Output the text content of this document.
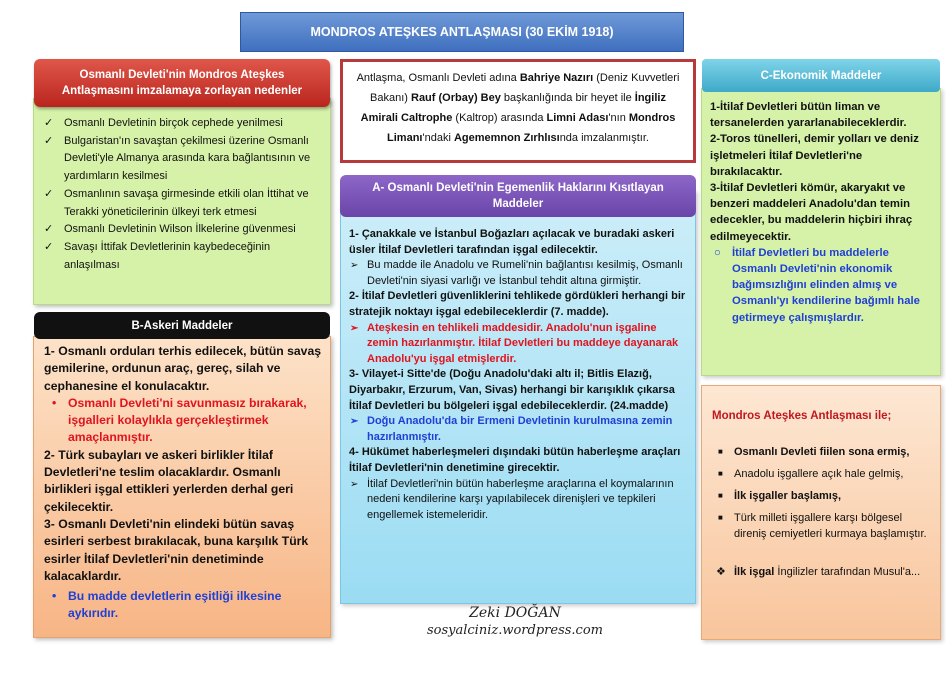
MONDROS ATEŞKES ANTLAŞMASI (30 EKİM 1918)
✓ Osmanlı Devletinin birçok cephede yenilmesi
✓ Bulgaristan'ın savaştan çekilmesi üzerine Osmanlı Devleti'yle Almanya arasında kara bağlantısının ve yardımların kesilmesi
✓ Osmanlının savaşa girmesinde etkili olan İttihat ve Terakki yöneticilerinin ülkeyi terk etmesi
✓ Osmanlı Devletinin Wilson İlkelerine güvenmesi
✓ Savaşı İttifak Devletlerinin kaybedeceğinin anlaşılması
Osmanlı Devleti'nin Mondros Ateşkes Antlaşmasını imzalamaya zorlayan nedenler

1- Osmanlı orduları terhis edilecek, bütün savaş gemilerine, ordunun araç, gereç, silah ve cephanesine el konulacaktır.

• Osmanlı Devleti'ni savunmasız bırakarak, işgalleri kolaylıkla gerçekleştirmek amaçlanmıştır.

2- Türk subayları ve askeri birlikler İtilaf Devletleri'ne teslim olacaklardır. Osmanlı birlikleri işgal ettikleri yerlerden derhal geri çekilecektir.

3- Osmanlı Devleti'nin elindeki bütün savaş esirleri serbest bırakılacak, buna karşılık Türk esirler İtilaf Devletleri'nin denetiminde kalacaklardır.

• Bu madde devletlerin eşitliği ilkesine aykırıdır.

B-Askeri Maddeler
Antlaşma, Osmanlı Devleti adına Bahriye Nazırı (Deniz Kuvvetleri Bakanı) Rauf (Orbay) Bey başkanlığında bir heyet ile İngiliz Amirali Caltrophe (Kaltrop) arasında Limni Adası'nın Mondros Limanı'ndaki Agememnon Zırhlısında imzalanmıştır.

1- Çanakkale ve İstanbul Boğazları açılacak ve buradaki askeri üsler İtilaf Devletleri tarafından işgal edilecektir.

➢ Bu madde ile Anadolu ve Rumeli'nin bağlantısı kesilmiş, Osmanlı Devleti'nin siyasi varlığı ve İstanbul tehdit altına girmiştir.

2- İtilaf Devletleri güvenliklerini tehlikede gördükleri herhangi bir stratejik noktayı işgal edebileceklerdir (7. madde).

➢ Ateşkesin en tehlikeli maddesidir. Anadolu'nun işgaline zemin hazırlanmıştır. İtilaf Devletleri bu maddeye dayanarak Anadolu'yu işgal etmişlerdir.

3- Vilayet-i Sitte'de (Doğu Anadolu'daki altı il; Bitlis Elazığ, Diyarbakır, Erzurum, Van, Sivas) herhangi bir karışıklık çıkarsa İtilaf Devletleri bu bölgeleri işgal edebileceklerdir. (24.madde)

➢ Doğu Anadolu'da bir Ermeni Devletinin kurulmasına zemin hazırlanmıştır.

4- Hükümet haberleşmeleri dışındaki bütün haberleşme araçları İtilaf Devletleri'nin denetimine girecektir.

➢ İtilaf Devletleri'nin bütün haberleşme araçlarına el koymalarının nedeni kendilerine karşı yapılabilecek direnişleri ve tepkileri engellemek istemeleridir.

A- Osmanlı Devleti'nin Egemenlik Haklarını Kısıtlayan Maddeler

1-İtilaf Devletleri bütün liman ve tersanelerden yararlanabileceklerdir.

2-Toros tünelleri, demir yolları ve deniz işletmeleri İtilaf Devletleri'ne bırakılacaktır.

3-İtilaf Devletleri kömür, akaryakıt ve benzeri maddeleri Anadolu'dan temin edecekler, bu maddelerin hiçbiri ihraç edilmeyecektir.

○ İtilaf Devletleri bu maddelerle Osmanlı Devleti'nin ekonomik bağımsızlığını elinden almış ve Osmanlı'yı kendilerine bağımlı hale getirmeye çalışmışlardır.

C-Ekonomik Maddeler

Mondros Ateşkes Antlaşması ile;

■ Osmanlı Devleti fiilen sona ermiş,

■ Anadolu işgallere açık hale gelmiş,

■ İlk işgaller başlamış,

■ Türk milleti işgallere karşı bölgesel direniş cemiyetleri kurmaya başlamıştır.

❖ İlk işgal İngilizler tarafından Musul'a...

Zeki DOĞAN
sosyalciniz.wordpress.com
